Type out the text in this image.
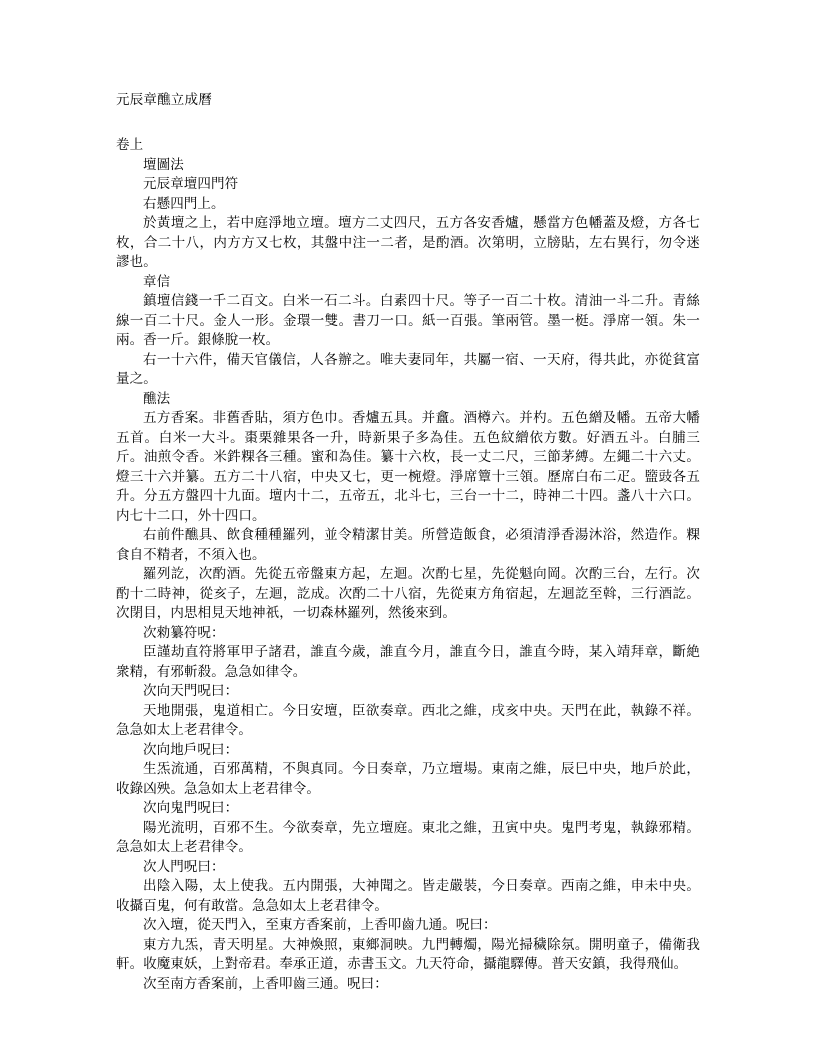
元辰章醮立成曆
卷上
壇圖法
元辰章壇四門符
右懸四門上。
於黃壇之上，若中庭淨地立壇。壇方二丈四尺，五方各安香爐，懸當方色幡蓋及燈，方各七枚，合二十八，内方方又七枚，其盤中注一二者，是酌酒。次第明，立牓貼，左右異行，勿令迷謬也。
章信
鎮壇信錢一千二百文。白米一石二斗。白素四十尺。等子一百二十枚。清油一斗二升。青絲線一百二十尺。金人一形。金環一雙。書刀一口。紙一百張。筆兩管。墨一梃。淨席一領。朱一兩。香一斤。銀條脫一枚。
右一十六件，備天官儀信，人各辦之。唯夫妻同年，共屬一宿、一天府，得共此，亦從貧富量之。
醮法
五方香案。非舊香貼，須方色巾。香爐五具。并盫。酒樽六。并杓。五色繒及幡。五帝大幡五首。白米一大斗。棗栗雜果各一升，時新果子多為佳。五色紋繒依方數。好酒五斗。白脯三斤。油煎令香。米鈝粿各三種。蜜和為佳。纂十六枚，長一丈二尺，三節茅縛。左繩二十六丈。燈三十六并纂。五方二十八宿，中央又七，更一椀燈。淨席簟十三領。歷席白布二疋。盬豉各五升。分五方盤四十九面。壇内十二，五帝五，北斗七，三台一十二，時神二十四。盞八十六口。内七十二口，外十四口。
右前件醮具、飲食種種羅列，並令精潔甘美。所營造飯食，必須清淨香湯沐浴，然造作。粿食自不精者，不須入也。
羅列訖，次酌酒。先從五帝盤東方起，左迴。次酌七星，先從魁向岡。次酌三台，左行。次酌十二時神，從亥子，左迴，訖成。次酌二十八宿，先從東方角宿起，左迴訖至斡，三行酒訖。次閉目，内思相見天地神祇，一切森林羅列，然後來到。
次勑纂符呪：
臣謹劫直符將軍甲子諸君，誰直今歲，誰直今月，誰直今日，誰直今時，某入靖拜章，斷絶衆精，有邪斬殺。急急如律令。
次向天門呪曰：
天地開張，鬼道相亡。今日安壇，臣欲奏章。西北之維，戌亥中央。天門在此，執錄不祥。急急如太上老君律令。
次向地戶呪曰：
生炁流通，百邪萬精，不與真同。今日奏章，乃立壇場。東南之維，辰巳中央，地戶於此，收錄凶殃。急急如太上老君律令。
次向鬼門呪曰：
陽光流明，百邪不生。今欲奏章，先立壇庭。東北之維，丑寅中央。鬼門考鬼，執錄邪精。急急如太上老君律令。
次人門呪曰：
出陰入陽，太上使我。五内開張，大神聞之。皆走嚴裝，今日奏章。西南之維，申未中央。收攝百鬼，何有敢當。急急如太上老君律令。
次入壇，從天門入，至東方香案前，上香叩齒九通。呪曰：
東方九炁，青天明星。大神煥照，東鄉洞映。九門轉燭，陽光掃穢除氛。開明童子，備衛我軒。收魔東妖，上對帝君。奉承正道，赤書玉文。九天符命，攝龍驛傳。普天安鎮，我得飛仙。
次至南方香案前，上香叩齒三通。呪曰：
